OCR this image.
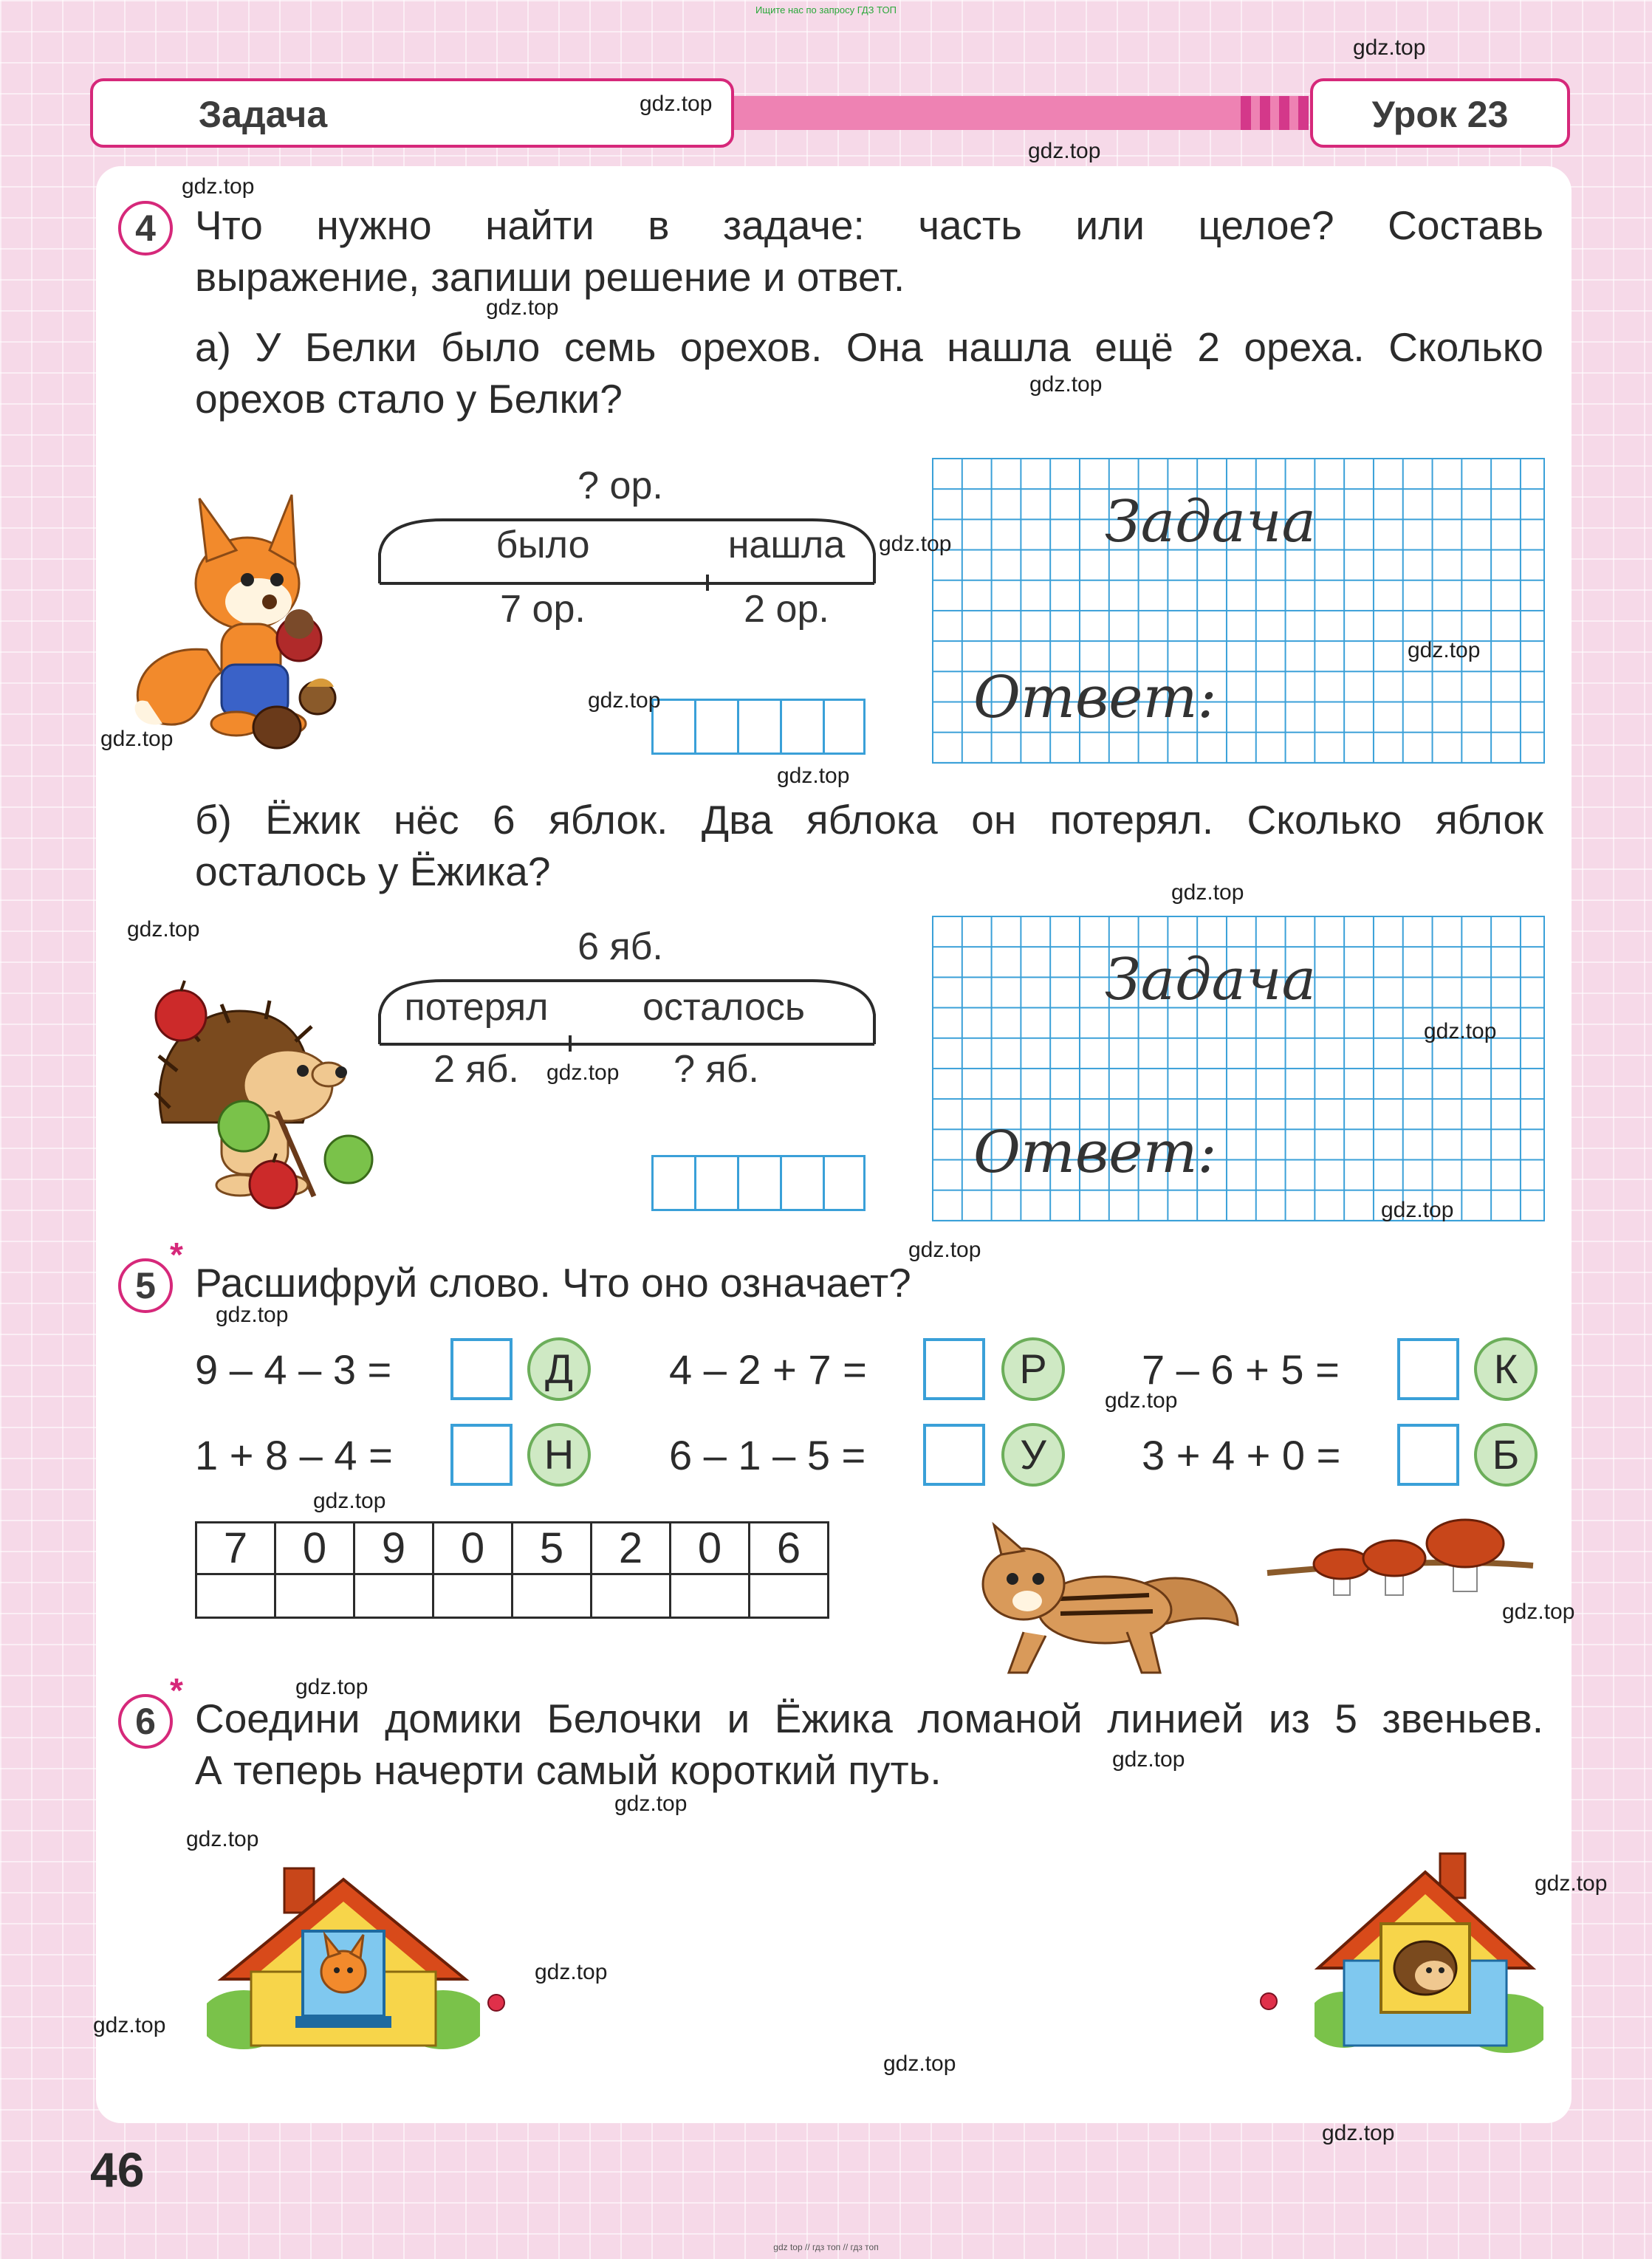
Ищите нас по запросу ГДЗ ТОП
Задача	Урок 23
4 Что нужно найти в задаче: часть или целое? Составь
выражение, запиши решение и ответ.
а) У Белки было семь орехов. Она нашла ещё 2 ореха. Сколько
орехов стало у Белки?
? ор.
было	нашла
7 ор.	2 ор.
Задача
Ответ:
б) Ёжик нёс 6 яблок. Два яблока он потерял. Сколько яблок
осталось у Ёжика?
6 яб.
потерял	осталось
2 яб.	? яб.
Задача
Ответ:
*
5 Расшифруй слово. Что оно означает?
9 – 4 – 3 =	Д	4 – 2 + 7 =	Р	7 – 6 + 5 =	К
1 + 8 – 4 =	Н	6 – 1 – 5 =	У	3 + 4 + 0 =	Б
7	0	9	0	5	2	0	6

*
6 Соедини домики Белочки и Ёжика ломаной линией из 5 звеньев.
А теперь начерти самый короткий путь.
46
gdz top // гдз топ // гдз топ
gdz.top
gdz.top
gdz.top
gdz.top
gdz.top
gdz.top
gdz.top
gdz.top
gdz.top
gdz.top
gdz.top
gdz.top
gdz.top
gdz.top
gdz.top
gdz.top
gdz.top
gdz.top
gdz.top
gdz.top
gdz.top
gdz.top
gdz.top
gdz.top
gdz.top
gdz.top
gdz.top
gdz.top
gdz.top
gdz.top
